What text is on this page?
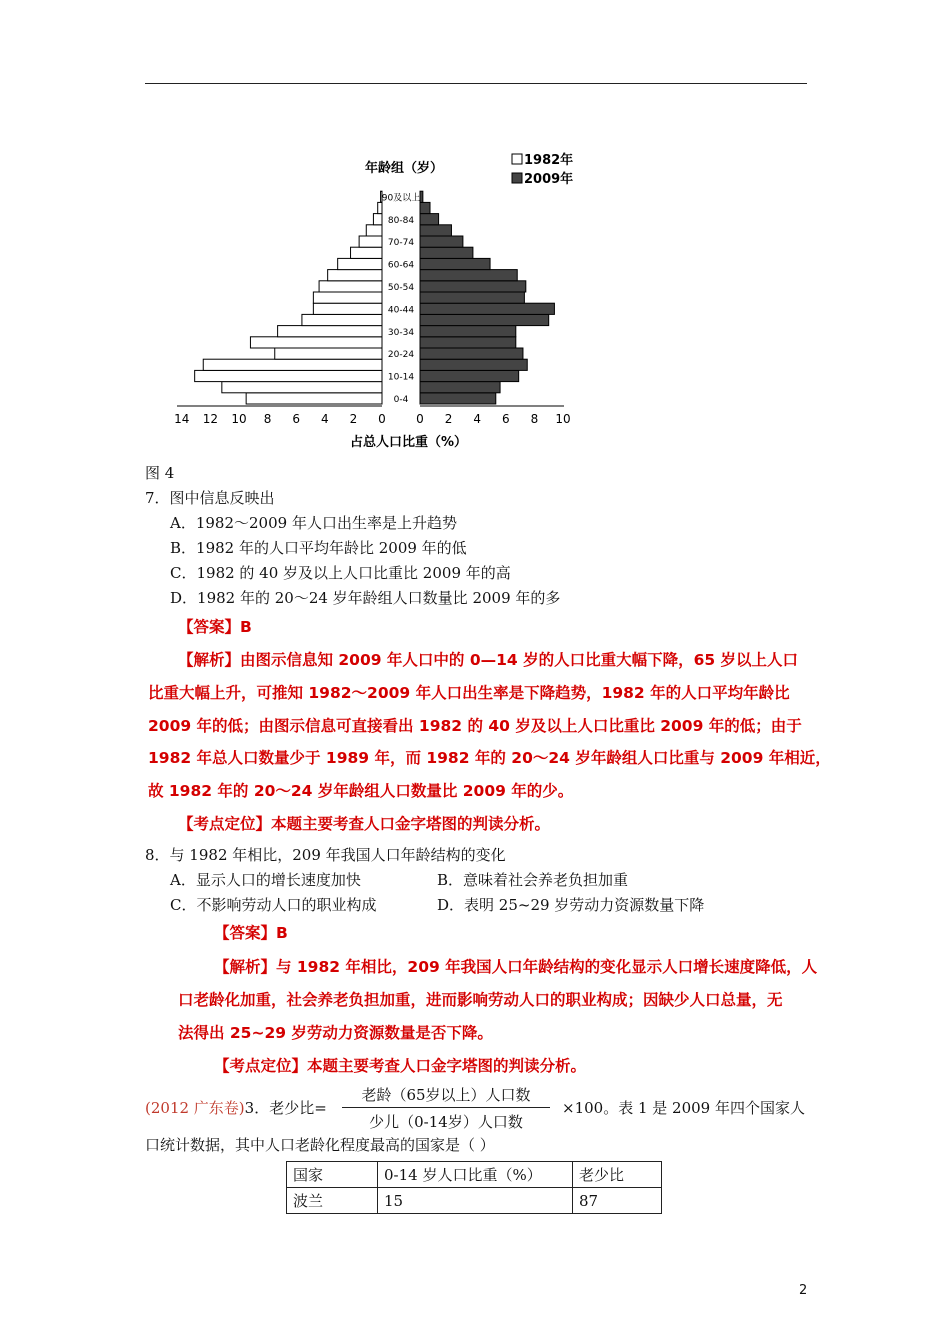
年龄组（岁）
1982年
2009年
0-4
10-14
20-24
30-34
40-44
50-54
60-64
70-74
80-84
90及以上
14 12 10 8 6 4 2 0	0 2 4 6 8 10
占总人口比重（%）
图 4
7．图中信息反映出
A．1982～2009 年人口出生率是上升趋势
B．1982 年的人口平均年龄比 2009 年的低
C．1982 的 40 岁及以上人口比重比 2009 年的高
D．1982 年的 20～24 岁年龄组人口数量比 2009 年的多
【答案】B
【解析】由图示信息知 2009 年人口中的 0—14 岁的人口比重大幅下降，65 岁以上人口
比重大幅上升，可推知 1982～2009 年人口出生率是下降趋势，1982 年的人口平均年龄比
2009 年的低；由图示信息可直接看出 1982 的 40 岁及以上人口比重比 2009 年的低；由于
1982 年总人口数量少于 1989 年，而 1982 年的 20～24 岁年龄组人口比重与 2009 年相近，
故 1982 年的 20～24 岁年龄组人口数量比 2009 年的少。
【考点定位】本题主要考查人口金字塔图的判读分析。
8．与 1982 年相比，209 年我国人口年龄结构的变化
A．显示人口的增长速度加快	B．意味着社会养老负担加重
C．不影响劳动人口的职业构成	D．表明 25~29 岁劳动力资源数量下降
【答案】B
【解析】与 1982 年相比，209 年我国人口年龄结构的变化显示人口增长速度降低，人
口老龄化加重，社会养老负担加重，进而影响劳动人口的职业构成；因缺少人口总量，无
法得出 25~29 岁劳动力资源数量是否下降。
【考点定位】本题主要考查人口金字塔图的判读分析。
(2012 广东卷)3．老少比=
老龄（65岁以上）人口数
少儿（0-14岁）人口数
×100。表 1 是 2009 年四个国家人
口统计数据，其中人口老龄化程度最高的国家是（ ）
国家	0-14 岁人口比重（%）	老少比
波兰	15	87
2
